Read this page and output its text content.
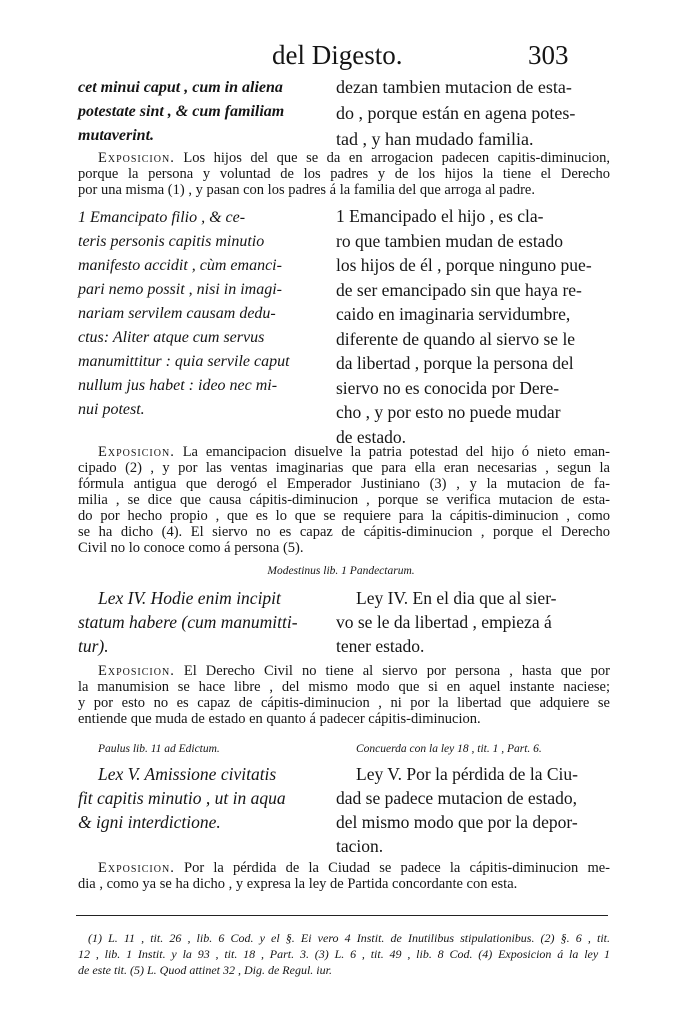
del Digesto.	303
cet minui caput , cum in aliena
potestate sint , & cum familiam
mutaverint.
dezan tambien mutacion de esta-
do , porque están en agena potes-
tad , y han mudado familia.
Exposicion. Los hijos del que se da en arrogacion padecen capitis-diminucion,
porque la persona y voluntad de los padres y de los hijos la tiene el Derecho
por una misma (1) , y pasan con los padres á la familia del que arroga al padre.
1 Emancipato filio , & ce-
teris personis capitis minutio
manifesto accidit , cùm emanci-
pari nemo possit , nisi in imagi-
nariam servilem causam dedu-
ctus: Aliter atque cum servus
manumittitur : quia servile caput
nullum jus habet : ideo nec mi-
nui potest.
1 Emancipado el hijo , es cla-
ro que tambien mudan de estado
los hijos de él , porque ninguno pue-
de ser emancipado sin que haya re-
caido en imaginaria servidumbre,
diferente de quando al siervo se le
da libertad , porque la persona del
siervo no es conocida por Dere-
cho , y por esto no puede mudar
de estado.
Exposicion. La emancipacion disuelve la patria potestad del hijo ó nieto eman-
cipado (2) , y por las ventas imaginarias que para ella eran necesarias , segun la
fórmula antigua que derogó el Emperador Justiniano (3) , y la mutacion de fa-
milia , se dice que causa cápitis-diminucion , porque se verifica mutacion de esta-
do por hecho propio , que es lo que se requiere para la cápitis-diminucion , como
se ha dicho (4). El siervo no es capaz de cápitis-diminucion , porque el Derecho
Civil no lo conoce como á persona (5).
Modestinus lib. 1 Pandectarum.
Lex IV. Hodie enim incipit
statum habere (cum manumitti-
tur).
Ley IV. En el dia que al sier-
vo se le da libertad , empieza á
tener estado.
Exposicion. El Derecho Civil no tiene al siervo por persona , hasta que por
la manumision se hace libre , del mismo modo que si en aquel instante naciese;
y por esto no es capaz de cápitis-diminucion , ni por la libertad que adquiere se
entiende que muda de estado en quanto á padecer cápitis-diminucion.
Paulus lib. 11 ad Edictum.	Concuerda con la ley 18 , tit. 1 , Part. 6.
Lex V. Amissione civitatis
fit capitis minutio , ut in aqua
& igni interdictione.
Ley V. Por la pérdida de la Ciu-
dad se padece mutacion de estado,
del mismo modo que por la depor-
tacion.
Exposicion. Por la pérdida de la Ciudad se padece la cápitis-diminucion me-
dia , como ya se ha dicho , y expresa la ley de Partida concordante con esta.
(1) L. 11 , tit. 26 , lib. 6 Cod. y el §. Ei vero 4 Instit. de Inutilibus stipulationibus. (2) §. 6 , tit.
12 , lib. 1 Instit. y la 93 , tit. 18 , Part. 3. (3) L. 6 , tit. 49 , lib. 8 Cod. (4) Exposicion á la ley 1
de este tit. (5) L. Quod attinet 32 , Dig. de Regul. iur.
